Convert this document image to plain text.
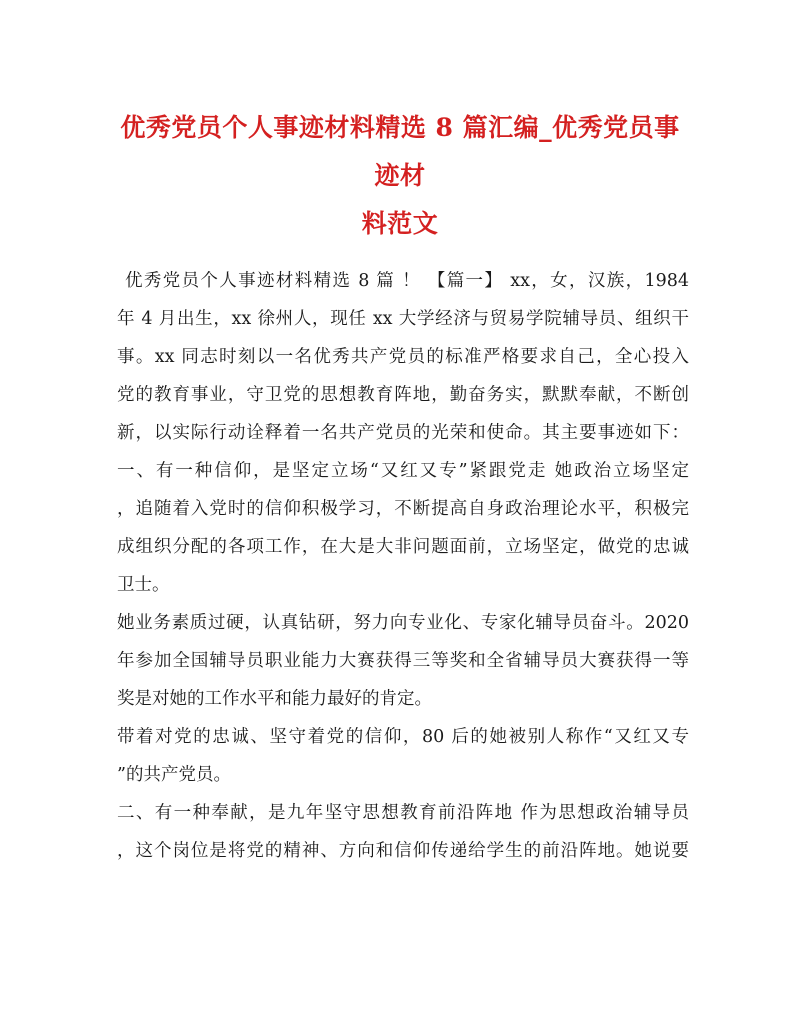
优秀党员个人事迹材料精选 8 篇汇编_优秀党员事迹材
料范文
优秀党员个人事迹材料精选 8 篇 ！ 【篇一】 xx，女，汉族，1984
年 4 月出生，xx 徐州人，现任 xx 大学经济与贸易学院辅导员、组织干
事。xx 同志时刻以一名优秀共产党员的标准严格要求自己，全心投入
党的教育事业，守卫党的思想教育阵地，勤奋务实，默默奉献，不断创
新，以实际行动诠释着一名共产党员的光荣和使命。其主要事迹如下：
一、有一种信仰，是坚定立场“又红又专”紧跟党走 她政治立场坚定
，追随着入党时的信仰积极学习，不断提高自身政治理论水平，积极完
成组织分配的各项工作，在大是大非问题面前，立场坚定，做党的忠诚
卫士。
她业务素质过硬，认真钻研，努力向专业化、专家化辅导员奋斗。2020
年参加全国辅导员职业能力大赛获得三等奖和全省辅导员大赛获得一等
奖是对她的工作水平和能力最好的肯定。
带着对党的忠诚、坚守着党的信仰，80 后的她被别人称作“又红又专
”的共产党员。
二、有一种奉献，是九年坚守思想教育前沿阵地 作为思想政治辅导员
，这个岗位是将党的精神、方向和信仰传递给学生的前沿阵地。她说要
